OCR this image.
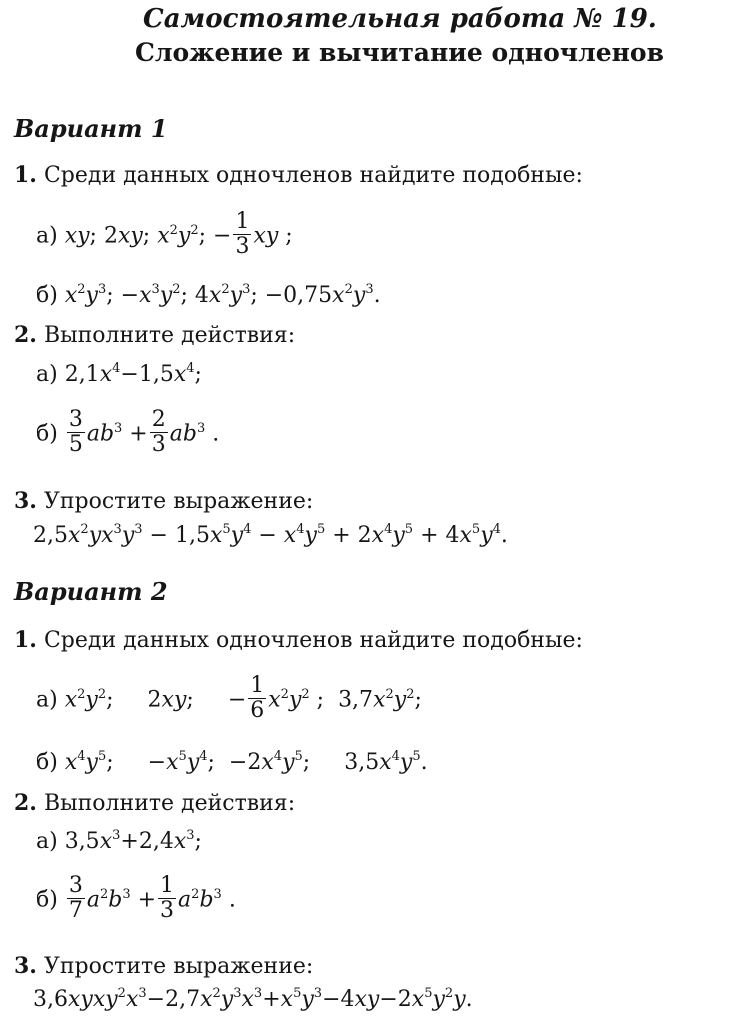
Самостоятельная работа № 19.
Сложение и вычитание одночленов
Вариант 1
1. Среди данных одночленов найдите подобные:
а) xy; 2xy; $x^2y^2$; − $\frac{1}{3}$ xy ;
б) $x^2y^3$; $-x^3y^2$; $4x^2y^3$; $-0,75x^2y^3$.
2. Выполните действия:
а) $2,1x^4-1,5x^4$;
$б) \frac{3}{5} ab^3 + \frac{2}{3} ab^3$ .
3. Упростите выражение:
$2,5x^2yx^3y^3 - 1,5x^5y^4 - x^4y^5 + 2x^4y^5 + 4x^5y^4$.
Вариант 2
1. Среди данных одночленов найдите подобные:
а) $x^2y^2$; 2xy; − $\frac{1}{6} x^2y^2$ ;  $3,7x^2y^2$;
б) $x^4y^5$; $-x^5y^4$;  $-2x^4y^5$; $3,5x^4y^5$.
2. Выполните действия:
а) $3,5x^3+2,4x^3$;
$б) \frac{3}{7} a^2b^3 + \frac{1}{3} a^2b^3$ .
3. Упростите выражение:
$3,6xyxy^2x^3-2,7x^2y^3x^3+x^5y^3-4xy-2x^5y^2y$.
